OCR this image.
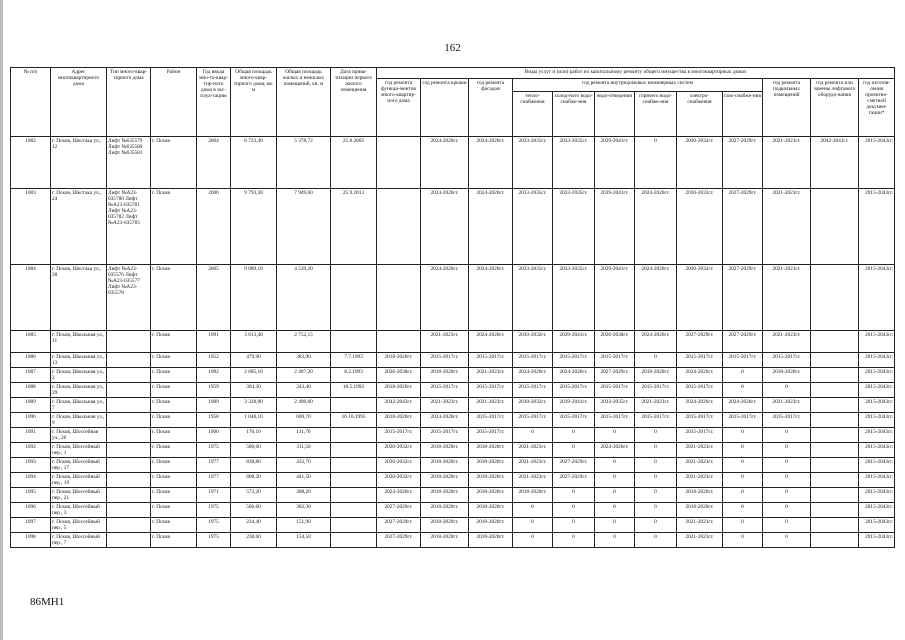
162
№ п/п	Адрес многоквартирного дома	Тип много-квар-тирного дома	Район	Год ввода мно-го-квар-тир-ного дома в экс-плуа-тацию	Общая площадь много-квар-тирного дома, кв. м	Общая площадь жилых и нежилых помещений, кв. м	Дата прива-тизации первого жилого помещения	Виды услуг и (или) работ по капитальному ремонту общего имущества в многоквартирных домах											
								год ремонта функци-ментов много-квартир-ного дома	год ремонта крыши	год ремонта фасадов	год ремонта внутридомовых инженерных систем						год ремонта подвальных помещений	год ремонта или замены лифтового оборудо-вания	год изготов-ления проектно-сметной докумен-тации*
											тепло-снабжения	холод-ного водо-снабже-ния	водо-отведения	горячего водо-снабже-ния	электро-снабжения	газо-снабже-ния			
1082	г. Псков, Шестака ул., 12	Лифт №635579 Лифт №635580 Лифт №635581	г. Псков	2004	6 723,40	5 378,72	25.8.2005		2024-2026гг.	2024-2026гг.	2033-2035гг.	2033-2035гг.	2039-2041гг.	0	2030-2032гг.	2027-2029гг.	2021-2023гг.	2042-2043гг.	2015-2043гг.
1083	г. Псков, Шестака ул., 24	Лифт №А23-035780 Лифт №А23-035781 Лифт №А23-035782 Лифт №А23-035783	г. Псков	2006	9 793,30	7 949,60	25.9.2013		2024-2026гг.	2024-2026гг.	2033-2035гг.	2033-2035гг.	2039-2041гг.	2024-2026гг.	2030-2032гг.	2027-2029гг.	2021-2023гг.		2015-2043гг.
1084	г. Псков, Шестака ул., 28	Лифт №А23-035576 Лифт №А23-035577 Лифт №А23-035578	г. Псков	2005	9 089,10	4 539,20			2024-2026гг.	2024-2026гг.	2033-2035гг.	2033-2035гг.	2039-2041гг.	2024-2026гг.	2030-2032гг.	2027-2029гг.	2021-2023гг.		2015-2043гг.
1085	г. Псков, Школьная ул., 11		г. Псков	1991	3 613,40	2 752,15			2021-2023гг.	2024-2026гг.	2030-2032гг.	2039-2041гг.	2036-2038гг.	2024-2026гг.	2027-2029гг.	2027-2029гг.	2021-2023гг.		2015-2043гг.
1086	г. Псков, Школьная ул., 13		г. Псков	1952	479,90	383,90	7.7.1993	2018-2020гг.	2015-2017гг.	2015-2017гг.	2015-2017гг.	2015-2017гг.	2015-2017гг.	0	2015-2017гг.	2015-2017гг.	2015-2017гг.		2015-2043гг.
1087	г. Псков, Школьная ул., 2		г. Псков	1982	2 685,10	2 407,20	8.2.1993	2036-2038гг.	2018-2020гг.	2021-2023гг.	2024-2026гг.	2024-2026гг.	2027-2029гг.	2018-2020гг.	2024-2026гг.	0	2018-2020гг.		2015-2043гг.
1088	г. Псков, Школьная ул., 29		г. Псков	1959	304,30	243,40	18.5.1992	2018-2020гг.	2015-2017гг.	2015-2017гг.	2015-2017гг.	2015-2017гг.	2015-2017гг.	2015-2017гг.	2015-2017гг.	0	0		2015-2043гг.
1089	г. Псков, Школьная ул., 7		г. Псков	1989	3 328,80	2 496,60		2042-2043гг.	2021-2023гг.	2021-2023гг.	2030-2032гг.	2039-2041гг.	2033-2035гг.	2021-2023гг.	2024-2026гг.	2024-2026гг.	2021-2023гг.		2015-2043гг.
1090	г. Псков, Школьная ул., 9		г. Псков	1958	1 048,10	600,70	16.10.1995	2018-2020гг.	2024-2026гг.	2015-2017гг.	2015-2017гг.	2015-2017гг.	2015-2017гг.	2015-2017гг.	2015-2017гг.	2015-2017гг.	2015-2017гг.		2015-2043гг.
1091	г. Псков, Шоссейная ул., 26		г. Псков	1960	176,10	111,70		2015-2017гг.	2015-2017гг.	2015-2017гг.	0	0	0	0	2015-2017гг.	0	0		2015-2043гг.
1092	г. Псков, Шоссейный пер., 1		г. Псков	1975	580,60	311,50		2030-2032гг.	2018-2020гг.	2018-2020гг.	2021-2023гг.	0	2024-2026гг.	0	2021-2023гг.	0	0		2015-2043гг.
1093	г. Псков, Шоссейный пер., 17		г. Псков	1977	838,80	432,70		2030-2032гг.	2018-2020гг.	2018-2020гг.	2021-2023гг.	2027-2029гг.	0	0	2021-2023гг.	0	0		2015-2043гг.
1094	г. Псков, Шоссейный пер., 19		г. Псков	1977	808,20	441,50		2030-2032гг.	2018-2020гг.	2018-2020гг.	2021-2023гг.	2027-2029гг.	0	0	2021-2023гг.	0	0		2015-2043гг.
1095	г. Псков, Шоссейный пер., 21		г. Псков	1971	572,20	308,20		2024-2026гг.	2018-2020гг.	2018-2020гг.	2018-2020гг.	0	0	0	2018-2020гг.	0	0		2015-2043гг.
1096	г. Псков, Шоссейный пер., 3		г. Псков	1975	566,60	302,30		2027-2029гг.	2018-2020гг.	2018-2020гг.	0	0	0	0	2018-2020гг.	0	0		2015-2043гг.
1097	г. Псков, Шоссейный пер., 5		г. Псков	1975	234,40	151,90		2027-2029гг.	2018-2020гг.	2018-2020гг.	0	0	0	0	2021-2023гг.	0	0		2015-2043гг.
1098	г. Псков, Шоссейный пер., 7		г. Псков	1975	238,60	154,50		2027-2029гг.	2018-2020гг.	2018-2020гг.	0	0	0	0	2021-2023гг.	0	0		2015-2043гг.
86MH1
